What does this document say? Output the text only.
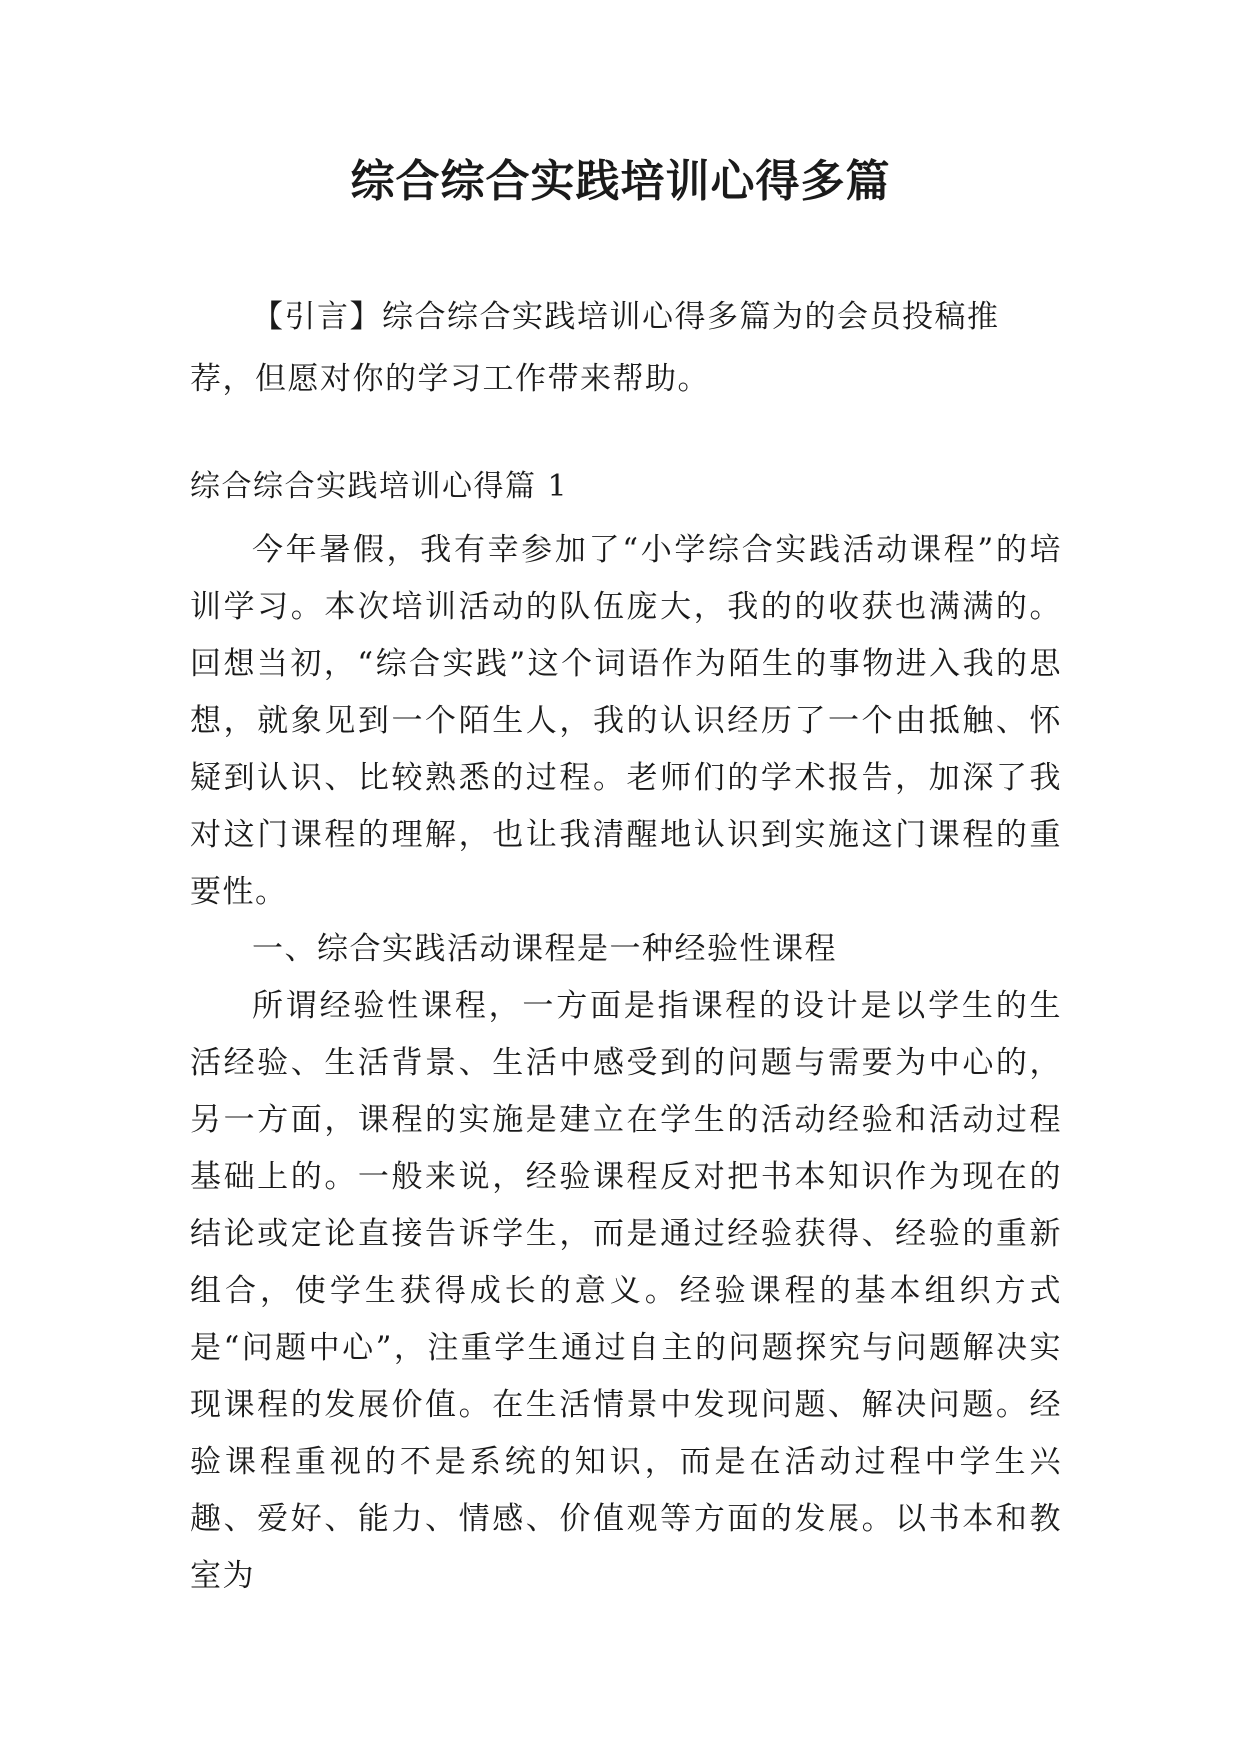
综合综合实践培训心得多篇

【引言】综合综合实践培训心得多篇为的会员投稿推荐，但愿对你的学习工作带来帮助。

综合综合实践培训心得篇 1

今年暑假，我有幸参加了“小学综合实践活动课程”的培训学习。本次培训活动的队伍庞大，我的的收获也满满的。回想当初，“综合实践”这个词语作为陌生的事物进入我的思想，就象见到一个陌生人，我的认识经历了一个由抵触、怀疑到认识、比较熟悉的过程。老师们的学术报告，加深了我对这门课程的理解，也让我清醒地认识到实施这门课程的重要性。

一、综合实践活动课程是一种经验性课程

所谓经验性课程，一方面是指课程的设计是以学生的生活经验、生活背景、生活中感受到的问题与需要为中心的，另一方面，课程的实施是建立在学生的活动经验和活动过程基础上的。一般来说，经验课程反对把书本知识作为现在的结论或定论直接告诉学生，而是通过经验获得、经验的重新组合，使学生获得成长的意义。经验课程的基本组织方式是“问题中心”，注重学生通过自主的问题探究与问题解决实现课程的发展价值。在生活情景中发现问题、解决问题。经验课程重视的不是系统的知识，而是在活动过程中学生兴趣、爱好、能力、情感、价值观等方面的发展。以书本和教室为
